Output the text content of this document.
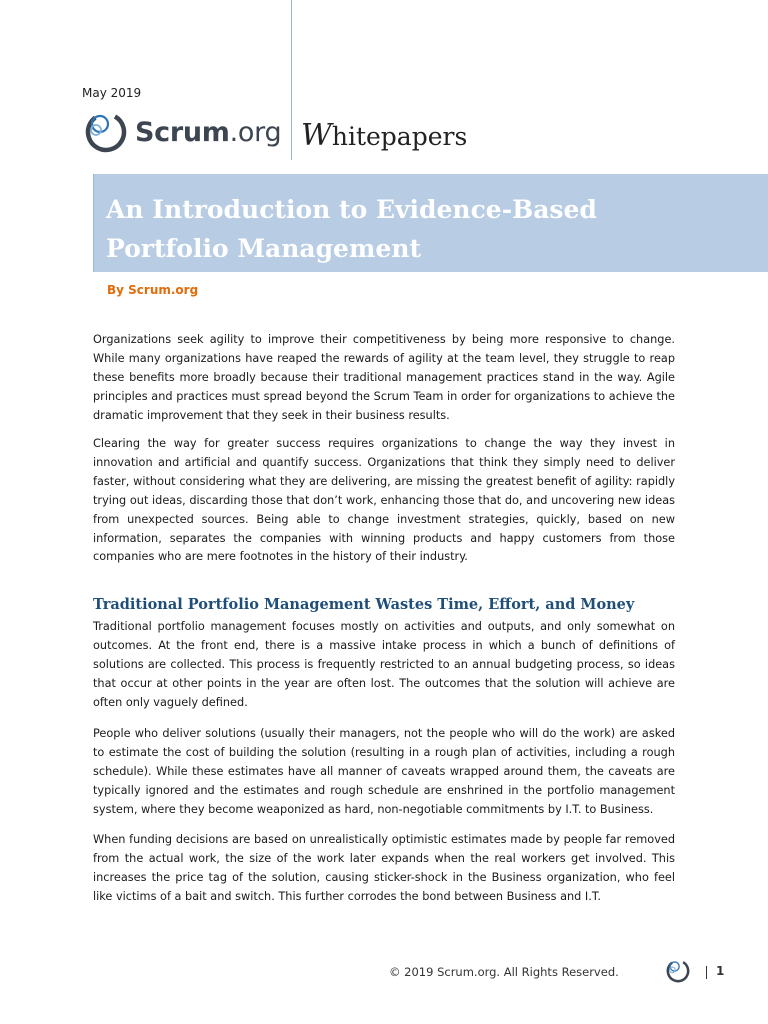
May 2019
Scrum.org Whitepapers
An Introduction to Evidence-Based Portfolio Management
By Scrum.org

Organizations seek agility to improve their competitiveness by being more responsive to change. While many organizations have reaped the rewards of agility at the team level, they struggle to reap these benefits more broadly because their traditional management practices stand in the way. Agile principles and practices must spread beyond the Scrum Team in order for organizations to achieve the dramatic improvement that they seek in their business results.

Clearing the way for greater success requires organizations to change the way they invest in innovation and artificial and quantify success. Organizations that think they simply need to deliver faster, without considering what they are delivering, are missing the greatest benefit of agility: rapidly trying out ideas, discarding those that don’t work, enhancing those that do, and uncovering new ideas from unexpected sources. Being able to change investment strategies, quickly, based on new information, separates the companies with winning products and happy customers from those companies who are mere footnotes in the history of their industry.

Traditional Portfolio Management Wastes Time, Effort, and Money

Traditional portfolio management focuses mostly on activities and outputs, and only somewhat on outcomes. At the front end, there is a massive intake process in which a bunch of definitions of solutions are collected. This process is frequently restricted to an annual budgeting process, so ideas that occur at other points in the year are often lost. The outcomes that the solution will achieve are often only vaguely defined.

People who deliver solutions (usually their managers, not the people who will do the work) are asked to estimate the cost of building the solution (resulting in a rough plan of activities, including a rough schedule). While these estimates have all manner of caveats wrapped around them, the caveats are typically ignored and the estimates and rough schedule are enshrined in the portfolio management system, where they become weaponized as hard, non-negotiable commitments by I.T. to Business.

When funding decisions are based on unrealistically optimistic estimates made by people far removed from the actual work, the size of the work later expands when the real workers get involved. This increases the price tag of the solution, causing sticker-shock in the Business organization, who feel like victims of a bait and switch. This further corrodes the bond between Business and I.T.

© 2019 Scrum.org. All Rights Reserved.	1
